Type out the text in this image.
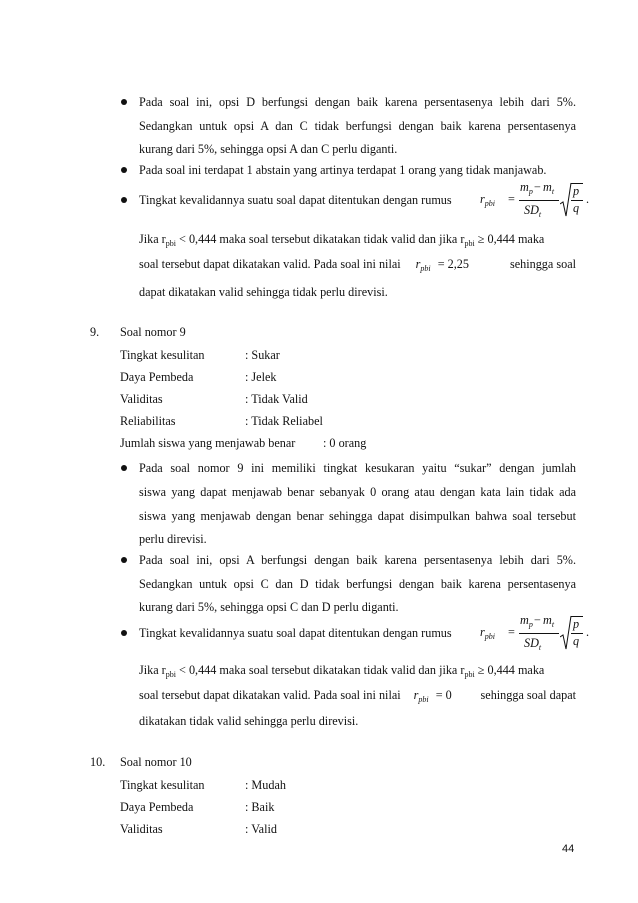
Pada soal ini, opsi D berfungsi dengan baik karena persentasenya lebih dari 5%.
Sedangkan untuk opsi A dan C tidak berfungsi dengan baik karena persentasenya
kurang dari 5%, sehingga opsi A dan C perlu diganti.
Pada soal ini terdapat 1 abstain yang artinya terdapat 1 orang yang tidak manjawab.
Tingkat kevalidannya suatu soal dapat ditentukan dengan rumus $r_{pbi}$ =
$m_p - m_t$
$SD_t$
p
q
.
Jika $r_{pbi} < 0,444$ maka soal tersebut dikatakan tidak valid dan jika $r_{pbi} \ge 0,444$ maka
soal tersebut dapat dikatakan valid. Pada soal ini nilai $r_{pbi} = 2,25$	sehingga soal
dapat dikatakan valid sehingga tidak perlu direvisi.
9. Soal nomor 9
Tingkat kesulitan	: Sukar
Daya Pembeda	: Jelek
Validitas	: Tidak Valid
Reliabilitas	: Tidak Reliabel
Jumlah siswa yang menjawab benar : 0 orang
Pada soal nomor 9 ini memiliki tingkat kesukaran yaitu “sukar” dengan jumlah
siswa yang dapat menjawab benar sebanyak 0 orang atau dengan kata lain tidak ada
siswa yang menjawab dengan benar sehingga dapat disimpulkan bahwa soal tersebut
perlu direvisi.
Pada soal ini, opsi A berfungsi dengan baik karena persentasenya lebih dari 5%.
Sedangkan untuk opsi C dan D tidak berfungsi dengan baik karena persentasenya
kurang dari 5%, sehingga opsi C dan D perlu diganti.
Tingkat kevalidannya suatu soal dapat ditentukan dengan rumus $r_{pbi}$ =
$m_p - m_t$
$SD_t$
p
q
.
Jika $r_{pbi} < 0,444$ maka soal tersebut dikatakan tidak valid dan jika $r_{pbi} \ge 0,444$ maka
soal tersebut dapat dikatakan valid. Pada soal ini nilai $r_{pbi} = 0$ sehingga soal dapat
dikatakan tidak valid sehingga perlu direvisi.
10. Soal nomor 10
Tingkat kesulitan	: Mudah
Daya Pembeda	: Baik
Validitas	: Valid
44
